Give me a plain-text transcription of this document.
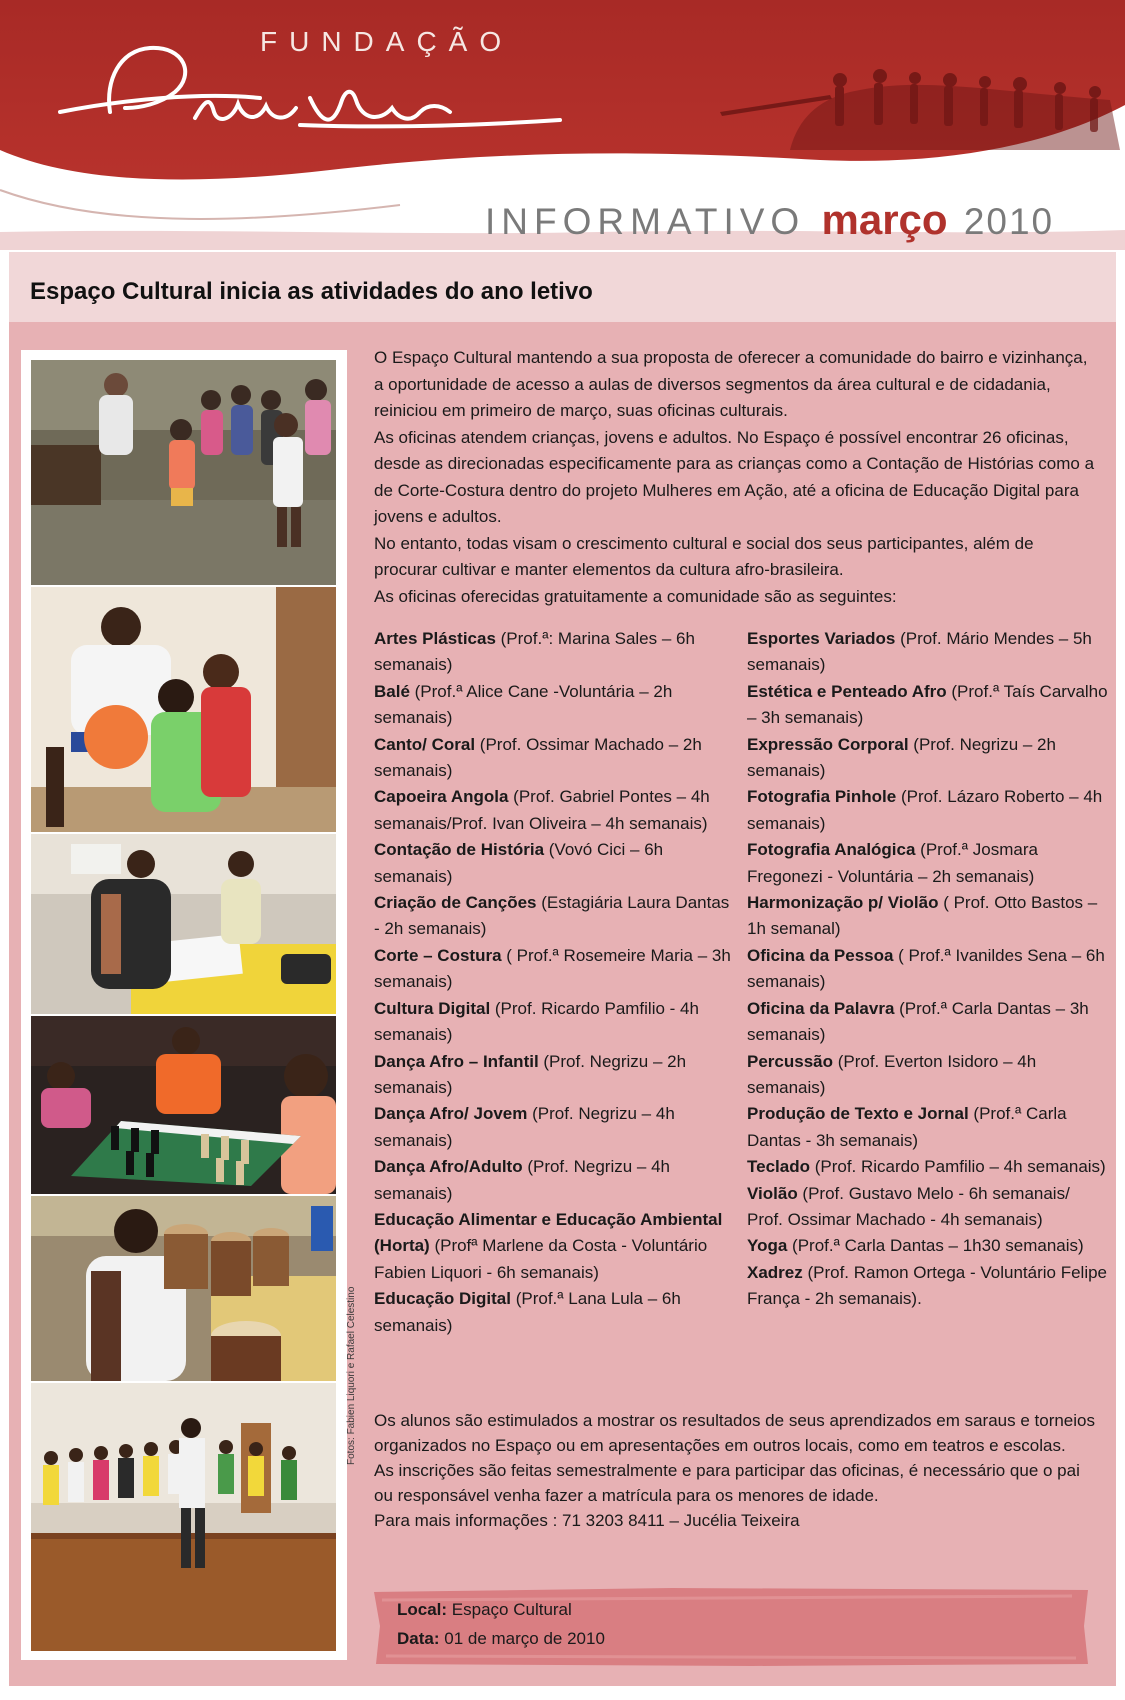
FUNDAÇÃO
INFORMATIVO março 2010
Espaço Cultural inicia as atividades do ano letivo
Fotos: Fabien Liquori e Rafael Celestino

O Espaço Cultural mantendo a sua proposta de oferecer a comunidade do bairro e vizinhança, a oportunidade de acesso a aulas de diversos segmentos da área cultural e de cidadania, reiniciou em primeiro de março, suas oficinas culturais.

As oficinas atendem crianças, jovens e adultos. No Espaço é possível encontrar 26 oficinas, desde as direcionadas especificamente para as crianças como a Contação de Histórias como a de Corte-Costura dentro do projeto Mulheres em Ação, até a oficina de Educação Digital para jovens e adultos.

No entanto, todas visam o crescimento cultural e social dos seus participantes, além de procurar cultivar e manter elementos da cultura afro-brasileira.

As oficinas oferecidas gratuitamente a comunidade são as seguintes:

Artes Plásticas (Prof.ª: Marina Sales – 6h semanais)

Balé (Prof.ª Alice Cane -Voluntária – 2h semanais)

Canto/ Coral (Prof. Ossimar Machado – 2h semanais)

Capoeira Angola (Prof. Gabriel Pontes – 4h semanais/Prof. Ivan Oliveira – 4h semanais)

Contação de História (Vovó Cici – 6h semanais)

Criação de Canções (Estagiária Laura Dantas - 2h semanais)

Corte – Costura ( Prof.ª Rosemeire Maria – 3h semanais)

Cultura Digital (Prof. Ricardo Pamfilio - 4h semanais)

Dança Afro – Infantil (Prof. Negrizu – 2h semanais)

Dança Afro/ Jovem (Prof. Negrizu – 4h semanais)

Dança Afro/Adulto (Prof. Negrizu – 4h semanais)

Educação Alimentar e Educação Ambiental (Horta) (Profª Marlene da Costa - Voluntário Fabien Liquori - 6h semanais)

Educação Digital (Prof.ª Lana Lula – 6h semanais)

Esportes Variados (Prof. Mário Mendes – 5h semanais)

Estética e Penteado Afro (Prof.ª Taís Carvalho – 3h semanais)

Expressão Corporal (Prof. Negrizu – 2h semanais)

Fotografia Pinhole (Prof. Lázaro Roberto – 4h semanais)

Fotografia Analógica (Prof.ª Josmara Fregonezi - Voluntária – 2h semanais)

Harmonização p/ Violão ( Prof. Otto Bastos – 1h semanal)

Oficina da Pessoa ( Prof.ª Ivanildes Sena – 6h semanais)

Oficina da Palavra (Prof.ª Carla Dantas – 3h semanais)

Percussão (Prof. Everton Isidoro – 4h semanais)

Produção de Texto e Jornal (Prof.ª Carla Dantas - 3h semanais)

Teclado (Prof. Ricardo Pamfilio – 4h semanais)

Violão (Prof. Gustavo Melo - 6h semanais/ Prof. Ossimar Machado - 4h semanais)

Yoga (Prof.ª Carla Dantas – 1h30 semanais)

Xadrez (Prof. Ramon Ortega - Voluntário Felipe França - 2h semanais).

Os alunos são estimulados a mostrar os resultados de seus aprendizados em saraus e torneios organizados no Espaço ou em apresentações em outros locais, como em teatros e escolas.

As inscrições são feitas semestralmente e para participar das oficinas, é necessário que o pai ou responsável venha fazer a matrícula para os menores de idade.

Para mais informações : 71 3203 8411 – Jucélia Teixeira

Local: Espaço Cultural
Data: 01 de março de 2010
